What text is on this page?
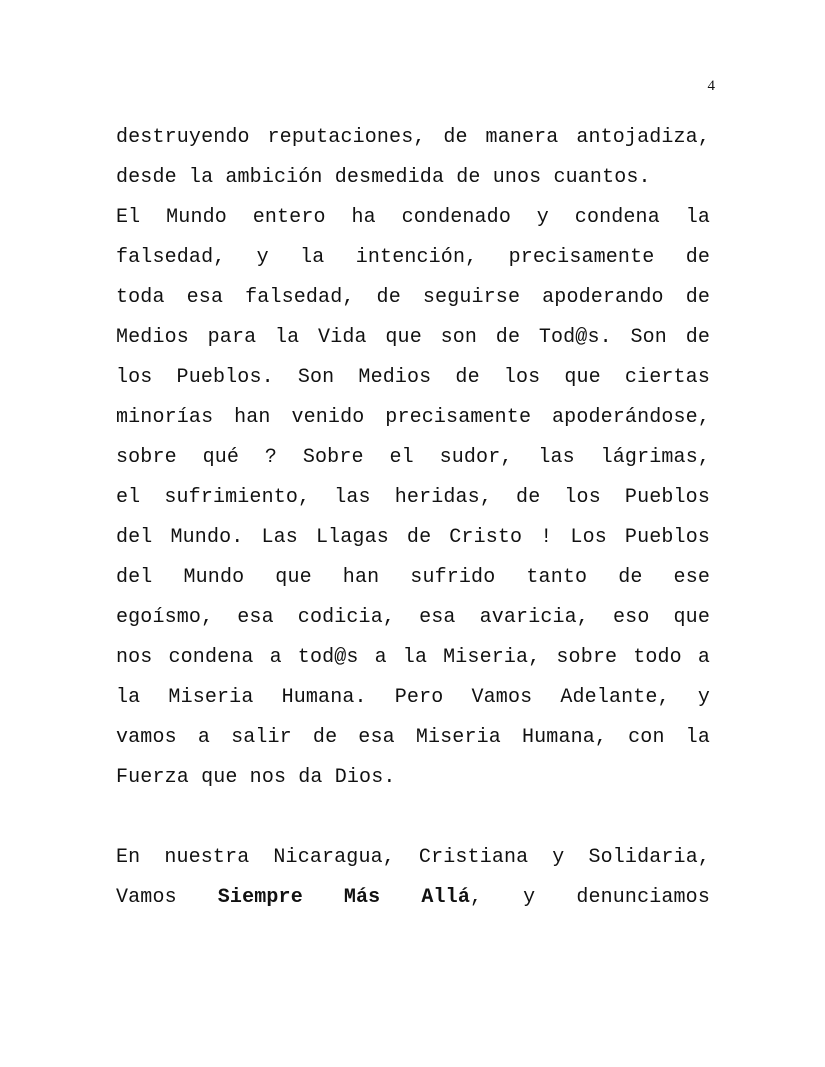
4
destruyendo reputaciones, de manera antojadiza,
desde la ambición desmedida de unos cuantos.
El Mundo entero ha condenado y condena la
falsedad, y la intención, precisamente de
toda esa falsedad, de seguirse apoderando de
Medios para la Vida que son de Tod@s. Son de
los Pueblos. Son Medios de los que ciertas
minorías han venido precisamente apoderándose,
sobre qué ? Sobre el sudor, las lágrimas,
el sufrimiento, las heridas, de los Pueblos
del Mundo. Las Llagas de Cristo ! Los Pueblos
del Mundo que han sufrido tanto de ese
egoísmo, esa codicia, esa avaricia, eso que
nos condena a tod@s a la Miseria, sobre todo a
la Miseria Humana. Pero Vamos Adelante, y
vamos a salir de esa Miseria Humana, con la
Fuerza que nos da Dios.
En nuestra Nicaragua, Cristiana y Solidaria,
Vamos Siempre Más Allá, y denunciamos
